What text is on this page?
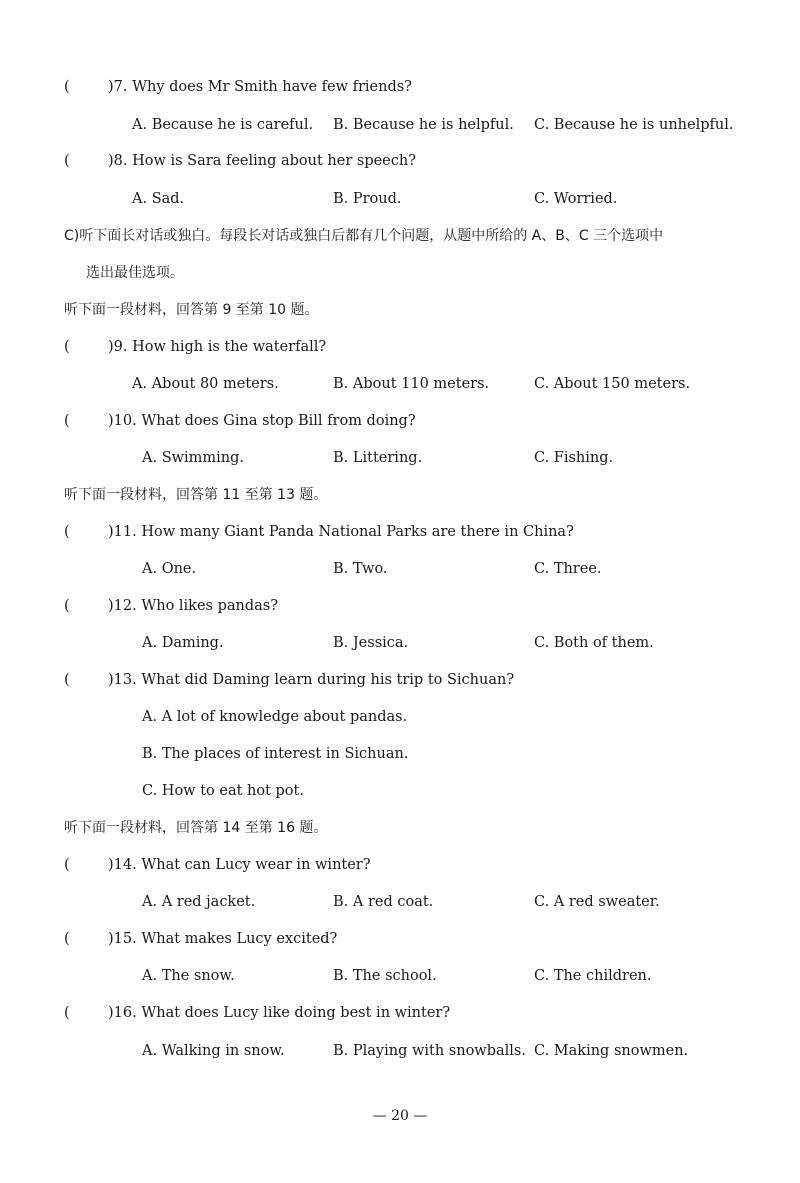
(	)7. Why does Mr Smith have few friends?
A. Because he is careful. B. Because he is helpful. C. Because he is unhelpful.
(	)8. How is Sara feeling about her speech?
A. Sad.	B. Proud.	C. Worried.
C)听下面长对话或独白。每段长对话或独白后都有几个问题，从题中所给的 A、B、C 三个选项中
选出最佳选项。
听下面一段材料，回答第 9 至第 10 题。
(	)9. How high is the waterfall?
A. About 80 meters.	B. About 110 meters.	C. About 150 meters.
(	)10. What does Gina stop Bill from doing?
A. Swimming.	B. Littering.	C. Fishing.
听下面一段材料，回答第 11 至第 13 题。
(	)11. How many Giant Panda National Parks are there in China?
A. One.	B. Two.	C. Three.
(	)12. Who likes pandas?
A. Daming.	B. Jessica.	C. Both of them.
(	)13. What did Daming learn during his trip to Sichuan?
A. A lot of knowledge about pandas.
B. The places of interest in Sichuan.
C. How to eat hot pot.
听下面一段材料，回答第 14 至第 16 题。
(	)14. What can Lucy wear in winter?
A. A red jacket.	B. A red coat.	C. A red sweater.
(	)15. What makes Lucy excited?
A. The snow.	B. The school.	C. The children.
(	)16. What does Lucy like doing best in winter?
A. Walking in snow.	B. Playing with snowballs. C. Making snowmen.
— 20 —
